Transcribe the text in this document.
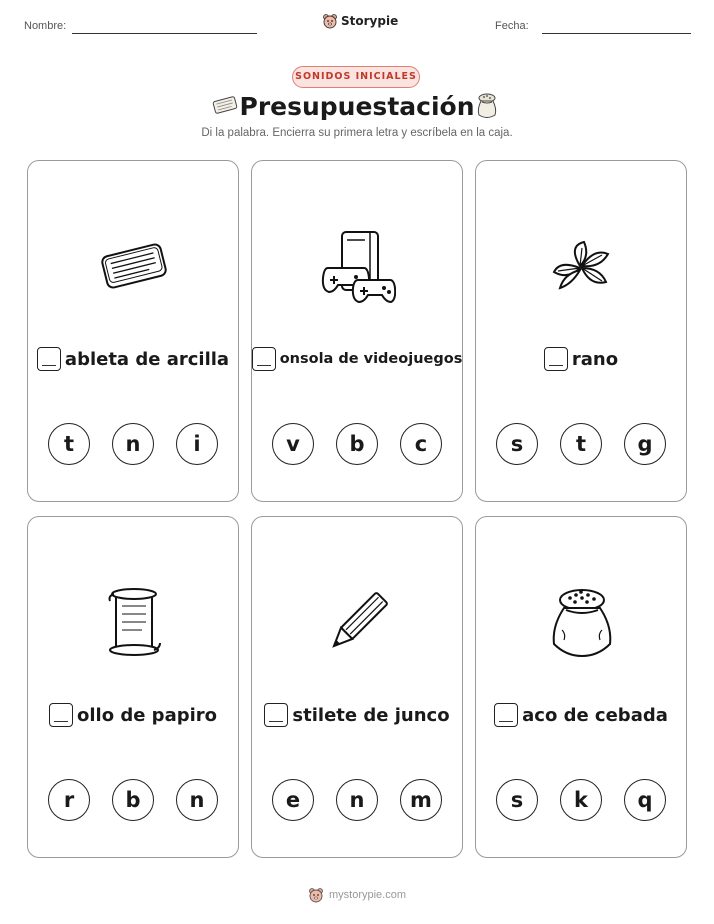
Nombre:	Storypie	Fecha:
SONIDOS INICIALES
Presupuestación
Di la palabra. Encierra su primera letra y escríbela en la caja.
ableta de arcilla
t	n	i
onsola de videojuegos
v	b	c
rano
s	t	g
ollo de papiro
r	b	n
stilete de junco
e	n	m
aco de cebada
s	k	q
mystorypie.com
